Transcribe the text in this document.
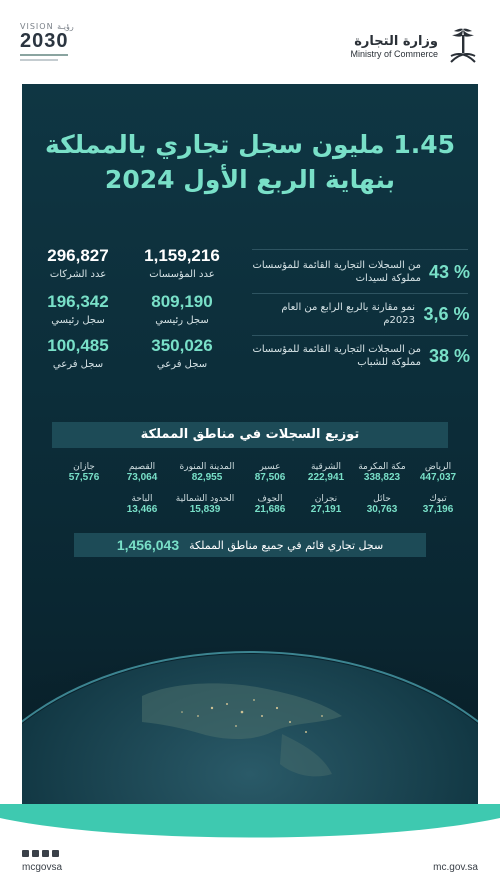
VISION رؤيـة
2030	وزارة التجارة
Ministry of Commerce
1.45 مليون سجل تجاري بالمملكة
بنهاية الربع الأول 2024
43 %
من السجلات التجارية القائمة للمؤسسات مملوكة لسيدات
3,6 %
نمو مقارنة بالربع الرابع من العام 2023م
38 %
من السجلات التجارية القائمة للمؤسسات مملوكة للشباب
1,159,216
عدد المؤسسات
809,190
سجل رئيسي
350,026
سجل فرعي
296,827
عدد الشركات
196,342
سجل رئيسي
100,485
سجل فرعي
توزيع السجلات في مناطق المملكة
الرياض
447,037
مكة المكرمة
338,823
الشرقية
222,941
عسير
87,506
المدينة المنورة
82,955
القصيم
73,064
جازان
57,576
تبوك
37,196
حائل
30,763
نجران
27,191
الجوف
21,686
الحدود الشمالية
15,839
الباحة
13,466
سجل تجاري قائم في جميع مناطق المملكة
1,456,043
mcgovsa	mc.gov.sa
